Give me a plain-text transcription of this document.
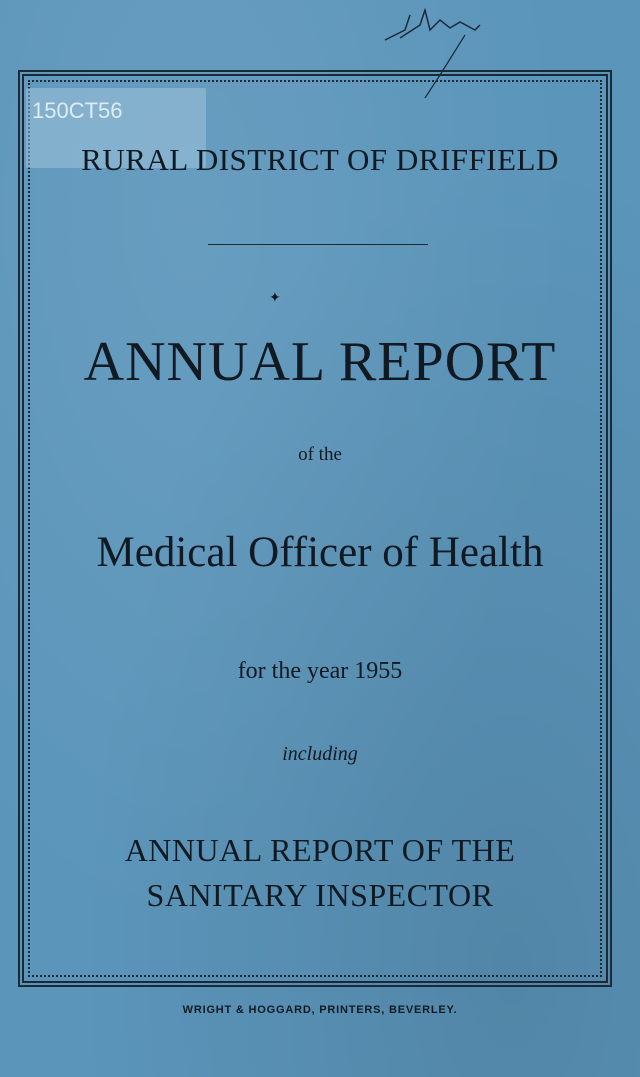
150CT56
RURAL DISTRICT OF DRIFFIELD
✦
ANNUAL REPORT
of the
Medical Officer of Health
for the year 1955
including
ANNUAL REPORT OF THE
SANITARY INSPECTOR
WRIGHT & HOGGARD, PRINTERS, BEVERLEY.
